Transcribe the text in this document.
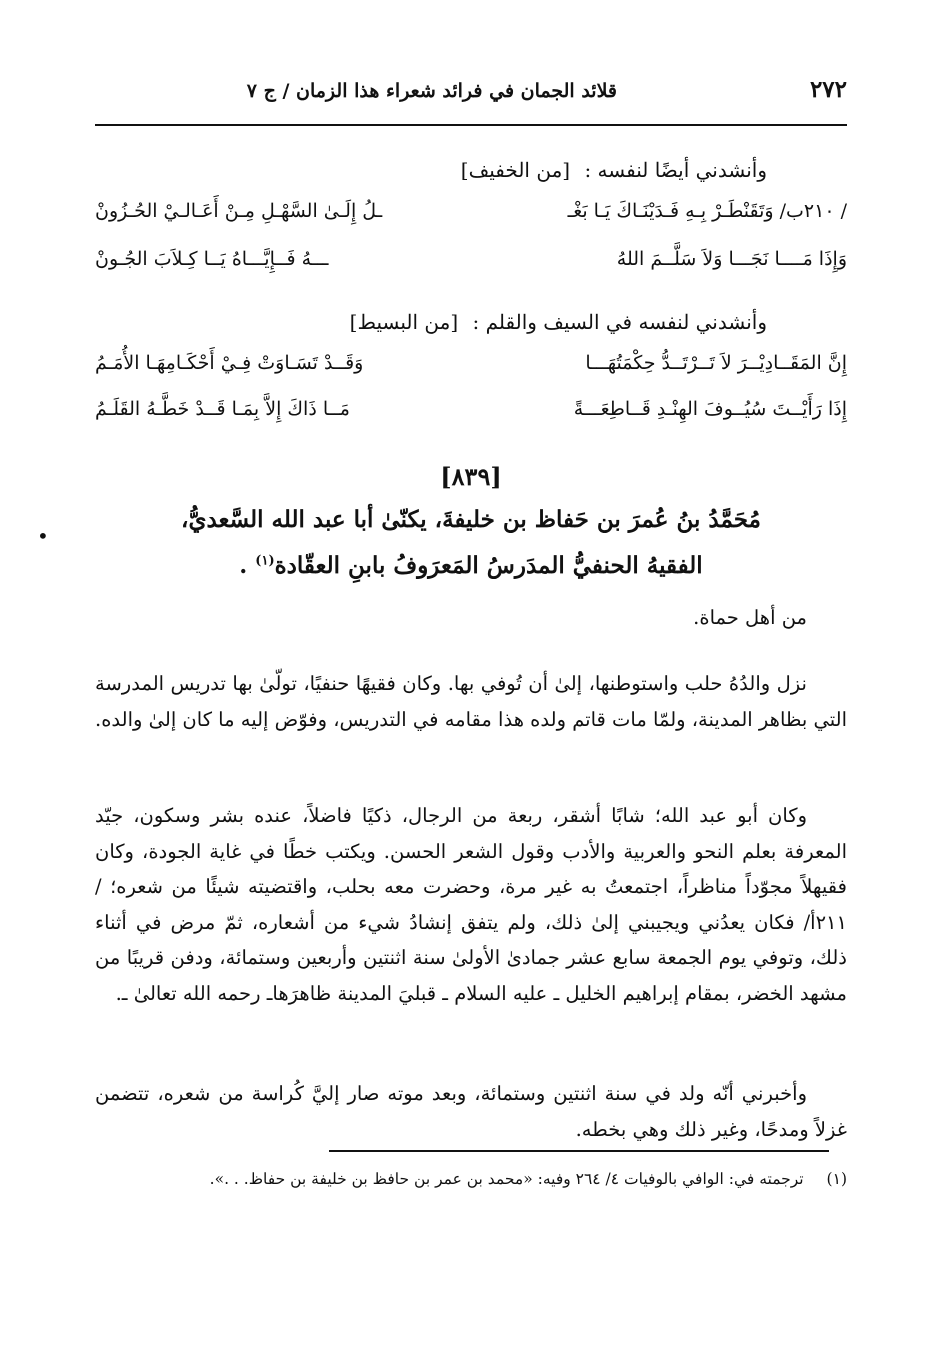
٢٧٢
قلائد الجمان في فرائد شعراء هذا الزمان / ج ٧
وأنشدني أيضًا لنفسه : [من الخفيف]
/ ٢١٠ب/ وَتَقَنْطَـرْ بِـهِ فَـدَيْنَـاكَ يَـا بَغْـ
ـلُ إِلَـىٰ السَّهْـلِ مِـنْ أَعَـالـيْ الحُـزُونْ
وَإِذَا مَــــا نَجَـــا وَلاَ سَلَّــمَ اللهُ
ـــهُ فَــإِيَّـــاهُ يَــا كِـلاَبَ الجُـونْ
وأنشدني لنفسه في السيف والقلم : [من البسيط]
إِنَّ المَقَــادِيْــرَ لاَ تَــرْتَــدُّ حِكْمَتُهَـــا
وَقَــدْ تَسَـاوَتْ فِـيْ أَحْكَـامِهَـا الأُمَـمُ
إِذَا رَأَيْــتَ سُيُــوفَ الهِنْـدِ قَــاطِعَـــةً
مَــا ذَاكَ إِلاَّ بِمَـا قَــدْ خَطَّـهُ القَلَـمُ
•
[٨٣٩]
مُحَمَّدُ بنُ عُمرَ بن حَفاظ بن خليفةَ، يكنّىٰ أبا عبد الله السَّعديُّ،
الفقيهُ الحنفيُّ المدَرسُ المَعرَوفُ بابنِ العقّادة$^{(١)}$ .

من أهل حماة.

نزل والدُهُ حلب واستوطنها، إلىٰ أن تُوفي بها. وكان فقيهًا حنفيًا، تولّىٰ بها تدريس المدرسة التي بظاهر المدينة، ولمّا مات قاتم ولده هذا مقامه في التدريس، وفوّض إليه ما كان إلىٰ والده.

وكان أبو عبد الله؛ شابًا أشقر، ربعة من الرجال، ذكيًا فاضلاً، عنده بشر وسكون، جيّد المعرفة بعلم النحو والعربية والأدب وقول الشعر الحسن. ويكتب خطًا في غاية الجودة، وكان فقيهلاً مجوّداً مناظراً، اجتمعتُ به غير مرة، وحضرت معه بحلب، واقتضيته شيئًا من شعره؛ / ٢١١أ/ فكان يعدُني ويجيبني إلىٰ ذلك، ولم يتفق إنشادُ شيء من أشعاره، ثمّ مرض في أثناء ذلك، وتوفي يوم الجمعة سابع عشر جمادىٰ الأولىٰ سنة اثنتين وأربعين وستمائة، ودفن قريبًا من مشهد الخضر، بمقام إبراهيم الخليل ـ عليه السلام ـ قبليَ المدينة ظاهرَهاـ رحمه الله تعالىٰ ـ.

وأخبرني أنّه ولد في سنة اثنتين وستمائة، وبعد موته صار إليَّ كُراسة من شعره، تتضمن غزلاً ومدحًا، وغير ذلك وهي بخطه.

(١) ترجمته في: الوافي بالوفيات ٤/ ٢٦٤ وفيه: «محمد بن عمر بن حافظ بن خليفة بن حفاظ. . .».
